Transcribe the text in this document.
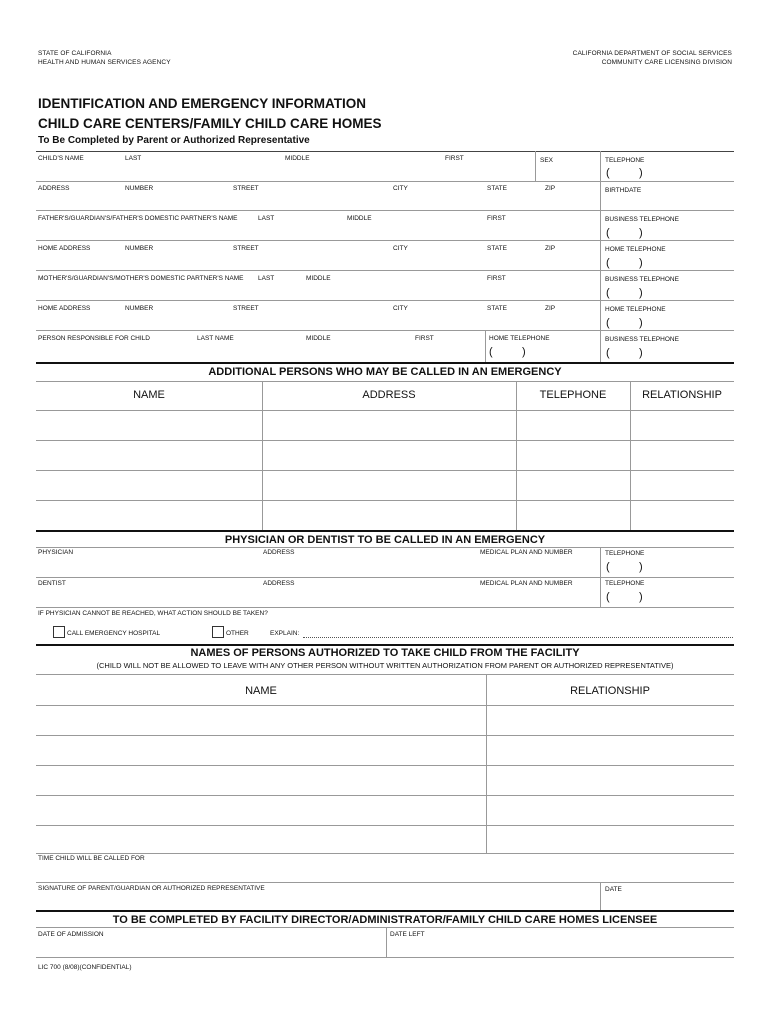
STATE OF CALIFORNIA
HEALTH AND HUMAN SERVICES AGENCY
CALIFORNIA DEPARTMENT OF SOCIAL SERVICES
COMMUNITY CARE LICENSING DIVISION
IDENTIFICATION AND EMERGENCY INFORMATION
CHILD CARE CENTERS/FAMILY CHILD CARE HOMES
To Be Completed by Parent or Authorized Representative
CHILD'S NAME	LAST	MIDDLE	FIRST	SEX	TELEPHONE
(	)
ADDRESS	NUMBER	STREET	CITY	STATE	ZIP	BIRTHDATE
FATHER'S/GUARDIAN'S/FATHER'S DOMESTIC PARTNER'S NAME	LAST	MIDDLE	FIRST	BUSINESS TELEPHONE
(	)
HOME ADDRESS	NUMBER	STREET	CITY	STATE	ZIP	HOME TELEPHONE
(	)
MOTHER'S/GUARDIAN'S/MOTHER'S DOMESTIC PARTNER'S NAME LAST	MIDDLE	FIRST	BUSINESS TELEPHONE
(	)
HOME ADDRESS	NUMBER	STREET	CITY	STATE	ZIP	HOME TELEPHONE
(	)
PERSON RESPONSIBLE FOR CHILD	LAST NAME	MIDDLE	FIRST	HOME TELEPHONE	BUSINESS TELEPHONE
(	)	(	)
ADDITIONAL PERSONS WHO MAY BE CALLED IN AN EMERGENCY
NAME	ADDRESS	TELEPHONE	RELATIONSHIP
PHYSICIAN OR DENTIST TO BE CALLED IN AN EMERGENCY
PHYSICIAN	ADDRESS	MEDICAL PLAN AND NUMBER	TELEPHONE
(	)
DENTIST	ADDRESS	MEDICAL PLAN AND NUMBER	TELEPHONE
(	)
IF PHYSICIAN CANNOT BE REACHED, WHAT ACTION SHOULD BE TAKEN?
CALL EMERGENCY HOSPITAL	OTHER	EXPLAIN:
NAMES OF PERSONS AUTHORIZED TO TAKE CHILD FROM THE FACILITY
(CHILD WILL NOT BE ALLOWED TO LEAVE WITH ANY OTHER PERSON WITHOUT WRITTEN AUTHORIZATION FROM PARENT OR AUTHORIZED REPRESENTATIVE)
NAME	RELATIONSHIP
TIME CHILD WILL BE CALLED FOR
SIGNATURE OF PARENT/GUARDIAN OR AUTHORIZED REPRESENTATIVE	DATE
TO BE COMPLETED BY FACILITY DIRECTOR/ADMINISTRATOR/FAMILY CHILD CARE HOMES LICENSEE
DATE OF ADMISSION	DATE LEFT
LIC 700 (8/08)(CONFIDENTIAL)
